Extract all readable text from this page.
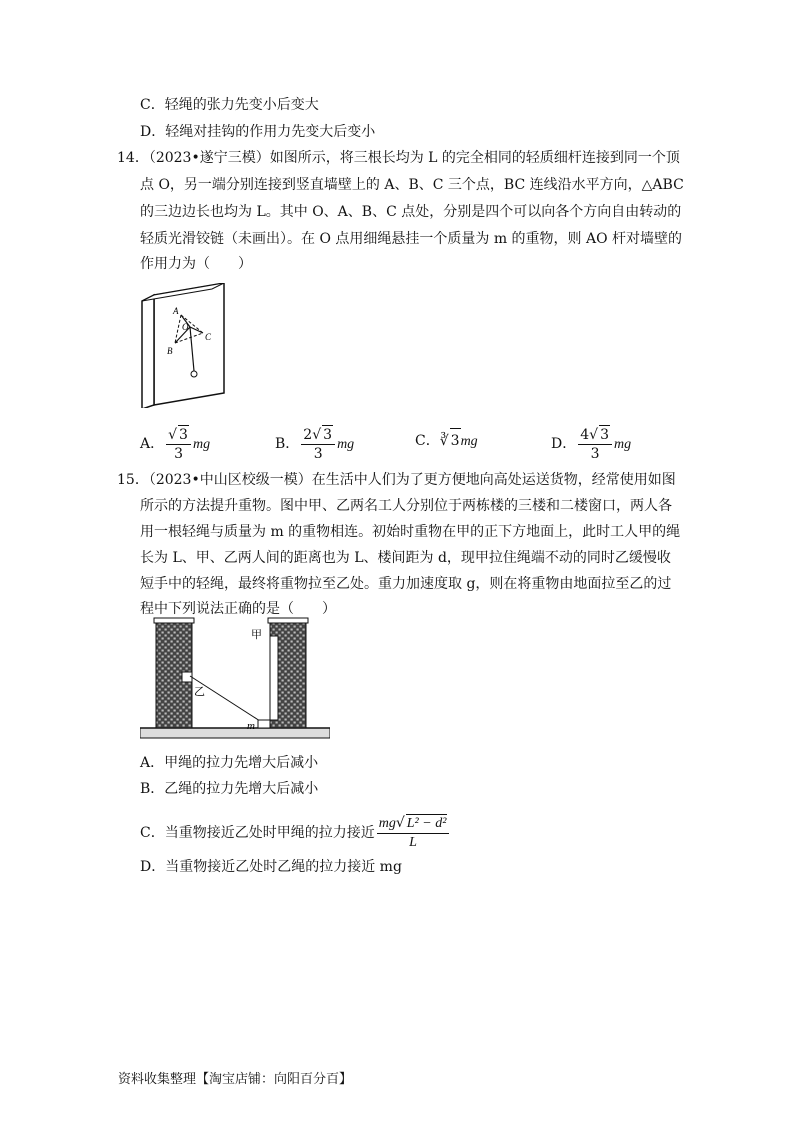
C．轻绳的张力先变小后变大
D．轻绳对挂钩的作用力先变大后变小
14．（2023•遂宁三模）如图所示，将三根长均为 L 的完全相同的轻质细杆连接到同一个顶
点 O，另一端分别连接到竖直墙壁上的 A、B、C 三个点，BC 连线沿水平方向，△ABC
的三边边长也均为 L。其中 O、A、B、C 点处，分别是四个可以向各个方向自由转动的
轻质光滑铰链（未画出）。在 O 点用细绳悬挂一个质量为 m 的重物，则 AO 杆对墙壁的
作用力为（　　）
A
O
B
C
A． $\frac{√ 3}{3}$ mg	B． $\frac{2√ 3}{3}$ mg	C．∛ 3mg	D． $\frac{4√ 3}{3}$ mg
15．（2023•中山区校级一模）在生活中人们为了更方便地向高处运送货物，经常使用如图
所示的方法提升重物。图中甲、乙两名工人分别位于两栋楼的三楼和二楼窗口，两人各
用一根轻绳与质量为 m 的重物相连。初始时重物在甲的正下方地面上，此时工人甲的绳
长为 L、甲、乙两人间的距离也为 L、楼间距为 d，现甲拉住绳端不动的同时乙缓慢收
短手中的轻绳，最终将重物拉至乙处。重力加速度取 g，则在将重物由地面拉至乙的过
程中下列说法正确的是（　　）
甲
乙
m
A．甲绳的拉力先增大后减小
B．乙绳的拉力先增大后减小
C．当重物接近乙处时甲绳的拉力接近 $\frac{\text{mg√ L² − d²}}{L}$
D．当重物接近乙处时乙绳的拉力接近 mg
资料收集整理【淘宝店铺：向阳百分百】
